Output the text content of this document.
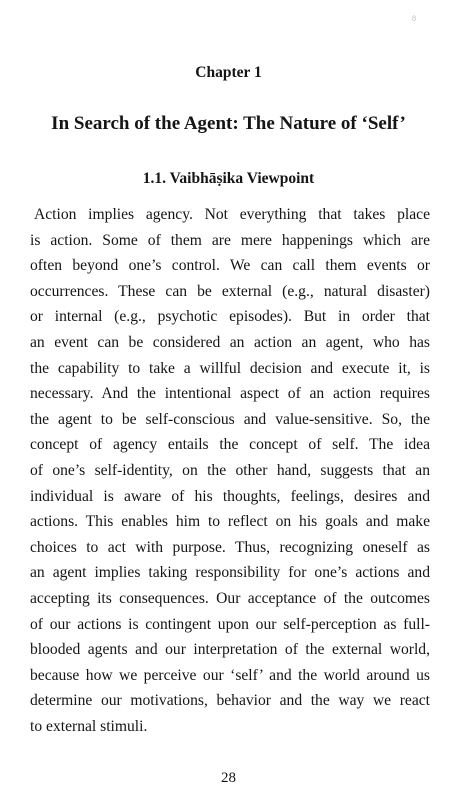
8
Chapter 1
In Search of the Agent: The Nature of ‘Self’
1.1. Vaibhāṣika Viewpoint
Action implies agency. Not everything that takes place
is action. Some of them are mere happenings which are
often beyond one’s control. We can call them events or
occurrences. These can be external (e.g., natural disaster)
or internal (e.g., psychotic episodes). But in order that
an event can be considered an action an agent, who has
the capability to take a willful decision and execute it, is
necessary. And the intentional aspect of an action requires
the agent to be self-conscious and value-sensitive. So, the
concept of agency entails the concept of self. The idea
of one’s self-identity, on the other hand, suggests that an
individual is aware of his thoughts, feelings, desires and
actions. This enables him to reflect on his goals and make
choices to act with purpose. Thus, recognizing oneself as
an agent implies taking responsibility for one’s actions and
accepting its consequences. Our acceptance of the outcomes
of our actions is contingent upon our self-perception as full-
blooded agents and our interpretation of the external world,
because how we perceive our ‘self’ and the world around us
determine our motivations, behavior and the way we react
to external stimuli.
28
